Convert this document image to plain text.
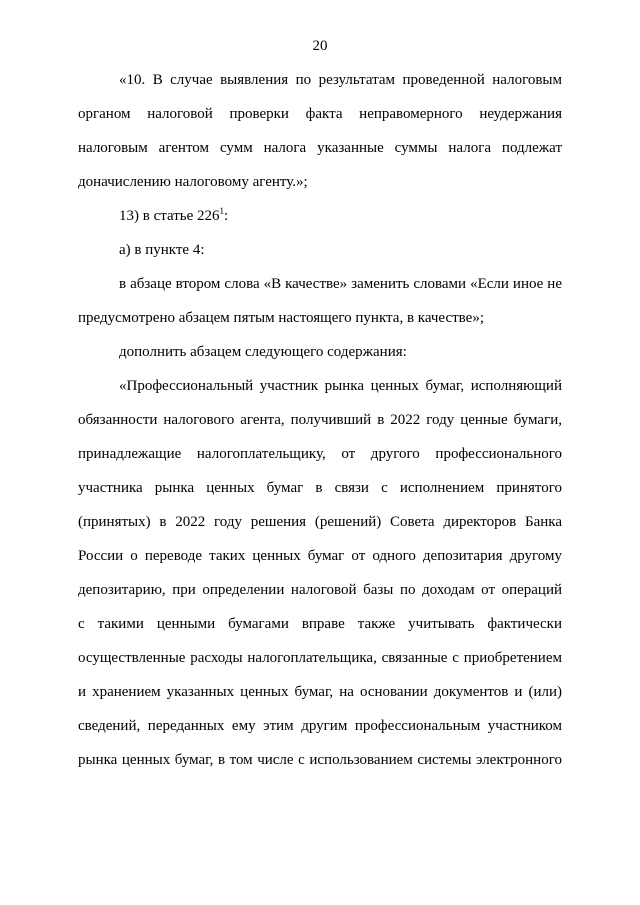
20
«10. В случае выявления по результатам проведенной налоговым
органом налоговой проверки факта неправомерного неудержания
налоговым агентом сумм налога указанные суммы налога подлежат
доначислению налоговому агенту.»;
13) в статье $226^1$:
а) в пункте 4:
в абзаце втором слова «В качестве» заменить словами «Если иное не
предусмотрено абзацем пятым настоящего пункта, в качестве»;
дополнить абзацем следующего содержания:
«Профессиональный участник рынка ценных бумаг, исполняющий
обязанности налогового агента, получивший в 2022 году ценные бумаги,
принадлежащие налогоплательщику, от другого профессионального
участника рынка ценных бумаг в связи с исполнением принятого
(принятых) в 2022 году решения (решений) Совета директоров Банка
России о переводе таких ценных бумаг от одного депозитария другому
депозитарию, при определении налоговой базы по доходам от операций
с такими ценными бумагами вправе также учитывать фактически
осуществленные расходы налогоплательщика, связанные с приобретением
и хранением указанных ценных бумаг, на основании документов и (или)
сведений, переданных ему этим другим профессиональным участником
рынка ценных бумаг, в том числе с использованием системы электронного
